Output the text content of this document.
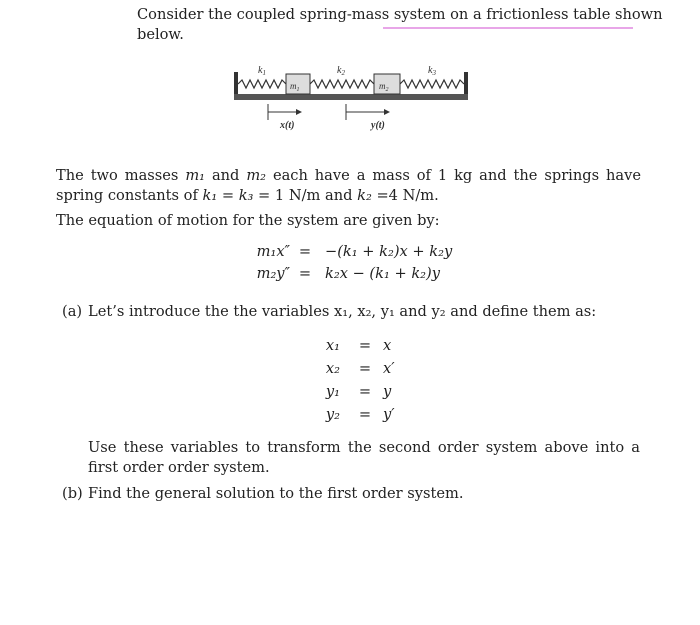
Consider the coupled spring-mass system on a frictionless table shown below.
$m_1$	$m_2$
$k_1$	$k_2$	$k_3$
x(t)	y(t)

The two masses m₁ and m₂ each have a mass of 1 kg and the springs have spring constants of k₁ = k₃ = 1 N/m and k₂ =4 N/m.

The equation of motion for the system are given by:

m₁x″ = −(k₁ + k₂)x + k₂y
m₂y″ = k₂x − (k₁ + k₂)y

(a) Let’s introduce the the variables x₁, x₂, y₁ and y₂ and define them as:

x₁ = x
x₂ = x′
y₁ = y
y₂ = y′

Use these variables to transform the second order system above into a first order order system.

(b) Find the general solution to the first order system.
